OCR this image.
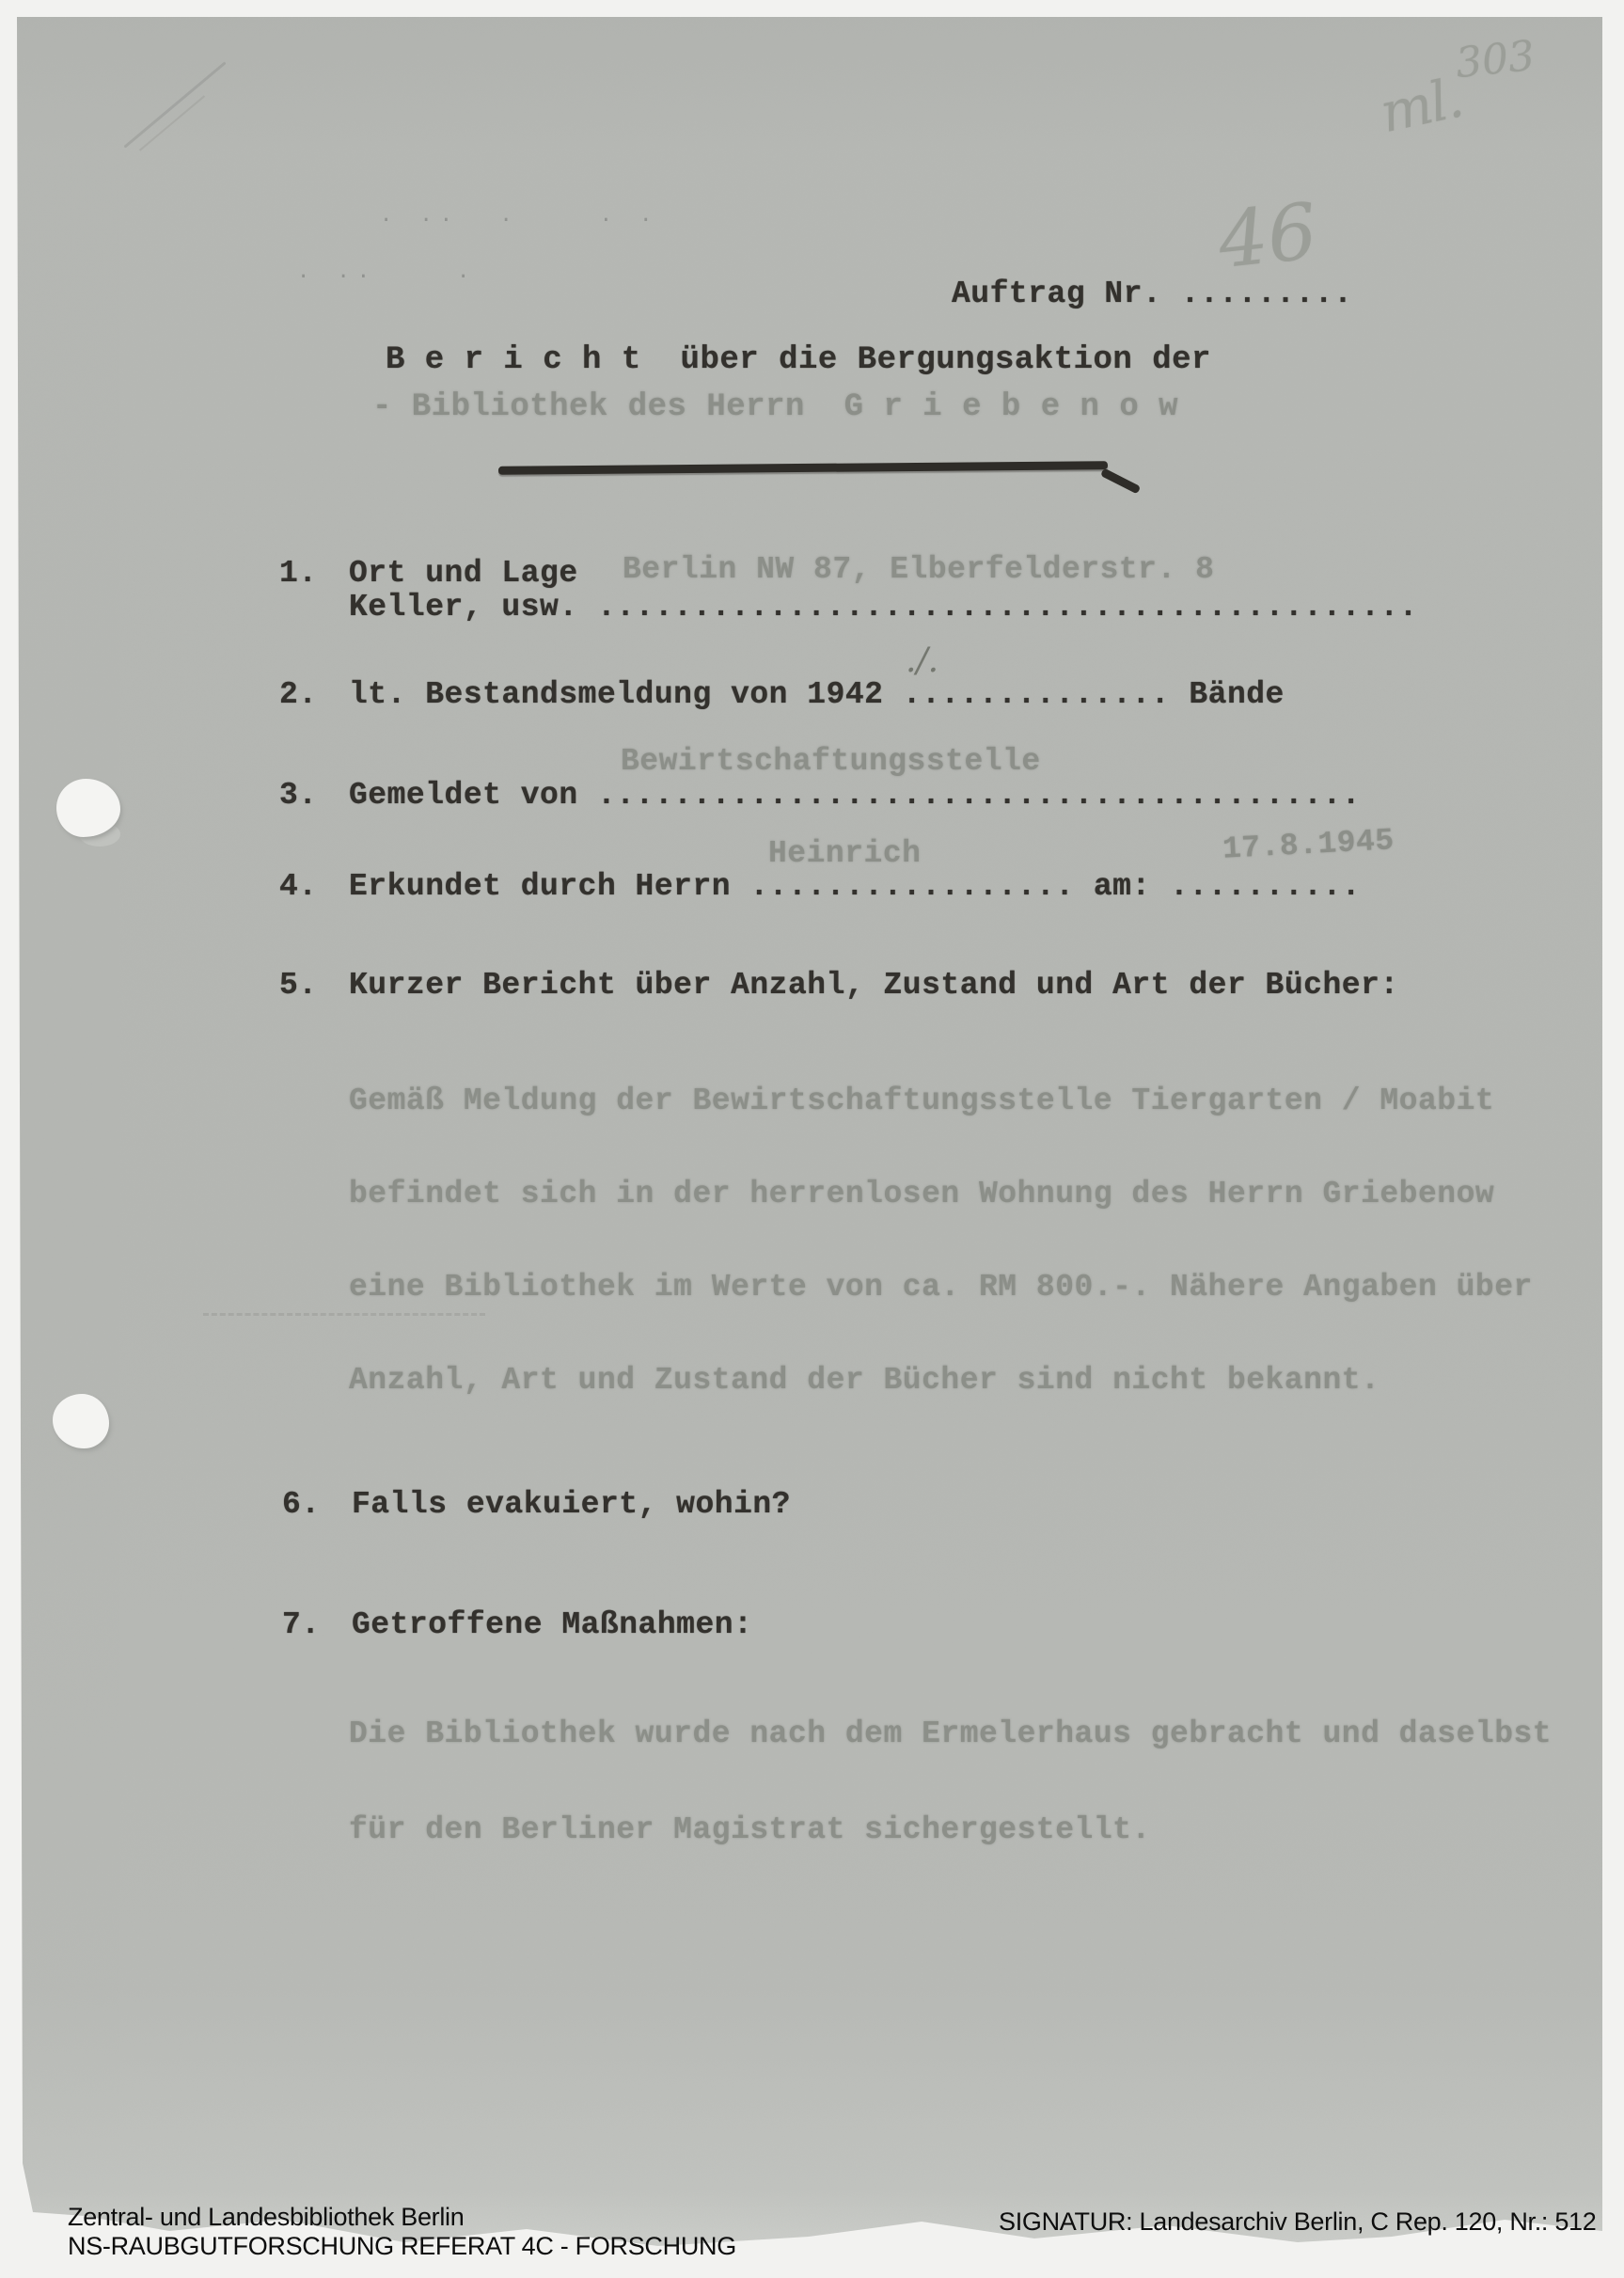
303
ml.
· ··  ·    · ·
· ··    ·	Auftrag Nr. .........
46
B e r i c h t  über die Bergungsaktion der
- Bibliothek des Herrn  G r i e b e n o w
1. Ort und Lage Berlin NW 87, Elberfelderstr. 8
Keller, usw. ...........................................
2. lt. Bestandsmeldung von 1942 .............. Bände
./.
Bewirtschaftungsstelle
3. Gemeldet von ........................................
Heinrich	17.8.1945
4. Erkundet durch Herrn ................. am: ..........
5. Kurzer Bericht über Anzahl, Zustand und Art der Bücher:

Gemäß Meldung der Bewirtschaftungsstelle Tiergarten / Moabit

befindet sich in der herrenlosen Wohnung des Herrn Griebenow

eine Bibliothek im Werte von ca. RM 800.-. Nähere Angaben über

Anzahl, Art und Zustand der Bücher sind nicht bekannt.

6. Falls evakuiert, wohin?
7. Getroffene Maßnahmen:

Die Bibliothek wurde nach dem Ermelerhaus gebracht und daselbst

für den Berliner Magistrat sichergestellt.

Zentral- und Landesbibliothek Berlin
NS-RAUBGUTFORSCHUNG REFERAT 4C - FORSCHUNG
SIGNATUR: Landesarchiv Berlin, C Rep. 120, Nr.: 512
